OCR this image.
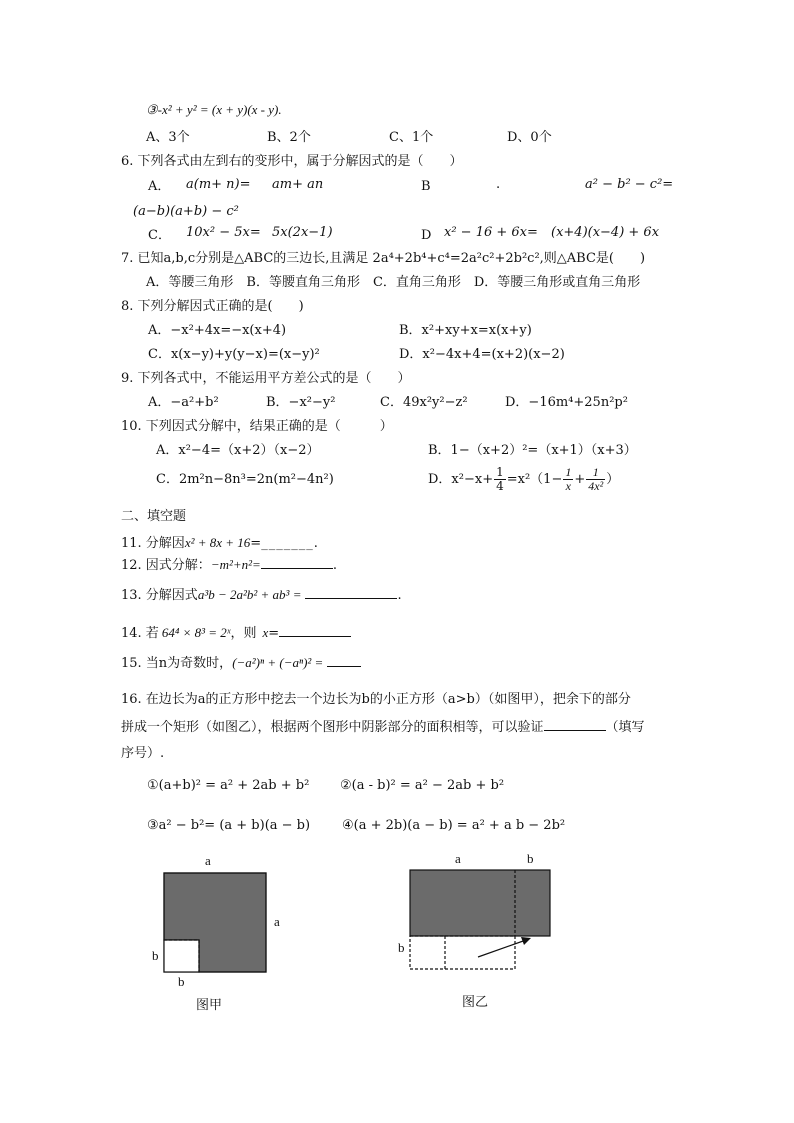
③-x² + y² = (x + y)(x - y).
A、3个	B、2个	C、1个	D、0个
6. 下列各式由左到右的变形中，属于分解因式的是（　　）
A． a(m+ n)= am+ an	B	.	a² − b² − c²=
(a−b)(a+b) − c²
C． 10x² − 5x= 5x(2x−1)	D x² − 16 + 6x= (x+4)(x−4) + 6x
7. 已知a,b,c分别是△ABC的三边长,且满足 2a⁴+2b⁴+c⁴=2a²c²+2b²c²,则△ABC是(　　)
A．等腰三角形　B．等腰直角三角形　C．直角三角形　D．等腰三角形或直角三角形
8. 下列分解因式正确的是(　　)
A．−x²+4x=−x(x+4)	B．x²+xy+x=x(x+y)
C．x(x−y)+y(y−x)=(x−y)²	D．x²−4x+4=(x+2)(x−2)
9. 下列各式中，不能运用平方差公式的是（　　）
A．−a²+b²	B．−x²−y²	C．49x²y²−z²	D．−16m⁴+25n²p²
10. 下列因式分解中，结果正确的是（　　　）
A．x²−4=（x+2）（x−2）	B．1−（x+2）²=（x+1）（x+3）
C．2m²n−8n³=2n(m²−4n²)	D．$x^2-x+ \frac{1}{4} =x^2(1- \frac{1}{x} + \frac{1}{\text{4x²}}$ ）
二、填空题
11. 分解因x² + 8x + 16=_______.
12. 因式分解：−m²+n²=	.
13. 分解因式a³b − 2a²b² + ab³ =	.
14. 若 64⁴ × 8³ = 2ˣ，则 x=
15. 当n为奇数时，(−a²)ⁿ + (−aⁿ)² =
16. 在边长为a的正方形中挖去一个边长为b的小正方形（a>b）（如图甲），把余下的部分
拼成一个矩形（如图乙），根据两个图形中阴影部分的面积相等，可以验证	（填写
序号）.
①(a+b)² = a² + 2ab + b² ②(a - b)² = a² − 2ab + b²
③a² − b²= (a + b)(a − b) ④(a + 2b)(a − b) = a² + a b − 2b²
a
a
b
b
图甲
a	b
b
图乙
